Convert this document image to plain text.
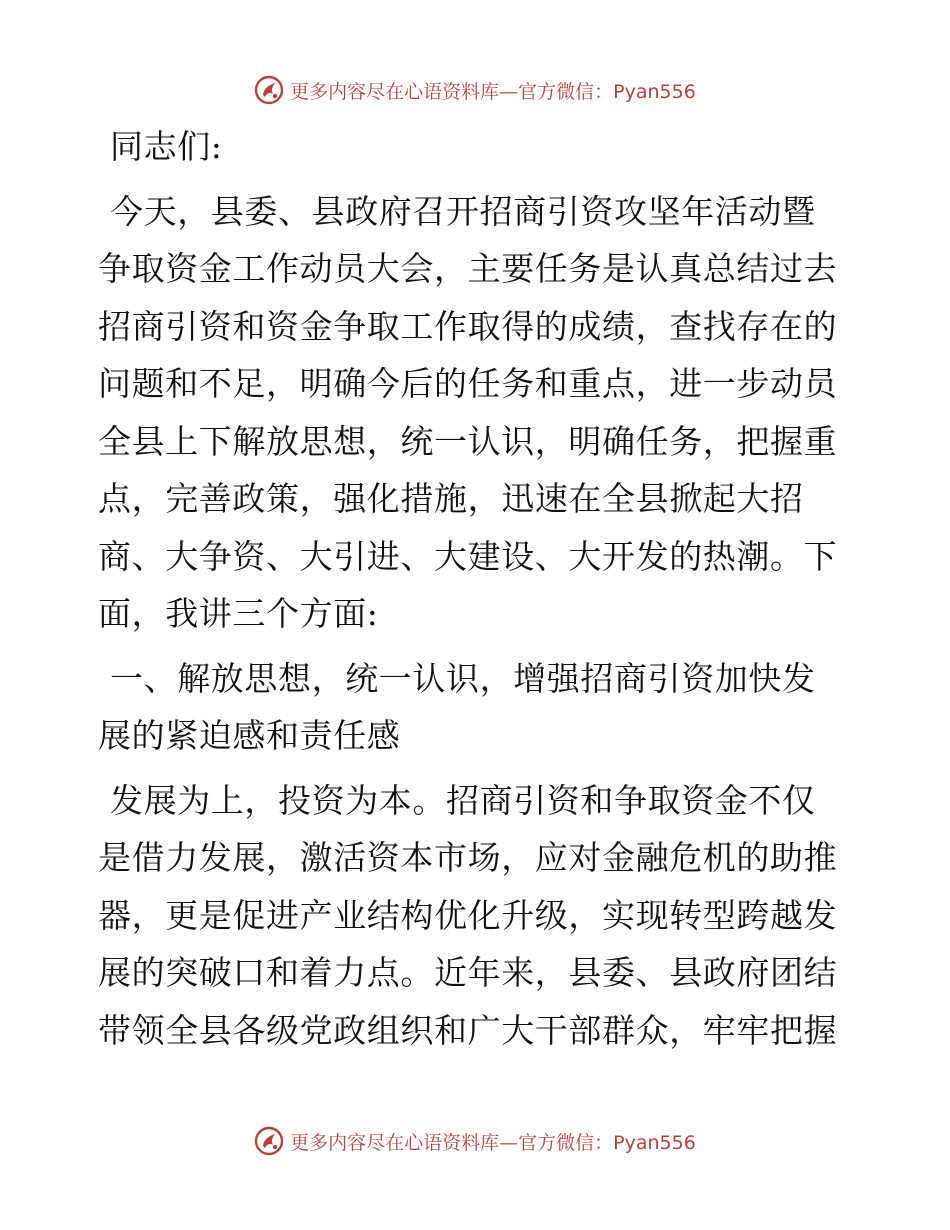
更多内容尽在心语资料库—官方微信：Pyan556

同志们:

今天，县委、县政府召开招商引资攻坚年活动暨

争取资金工作动员大会，主要任务是认真总结过去
招商引资和资金争取工作取得的成绩，查找存在的
问题和不足，明确今后的任务和重点，进一步动员
全县上下解放思想，统一认识，明确任务，把握重
点，完善政策，强化措施，迅速在全县掀起大招
商、大争资、大引进、大建设、大开发的热潮。下
面，我讲三个方面:

一、解放思想，统一认识，增强招商引资加快发

展的紧迫感和责任感

发展为上，投资为本。招商引资和争取资金不仅

是借力发展，激活资本市场，应对金融危机的助推
器，更是促进产业结构优化升级，实现转型跨越发
展的突破口和着力点。近年来，县委、县政府团结
带领全县各级党政组织和广大干部群众，牢牢把握

更多内容尽在心语资料库—官方微信：Pyan556
